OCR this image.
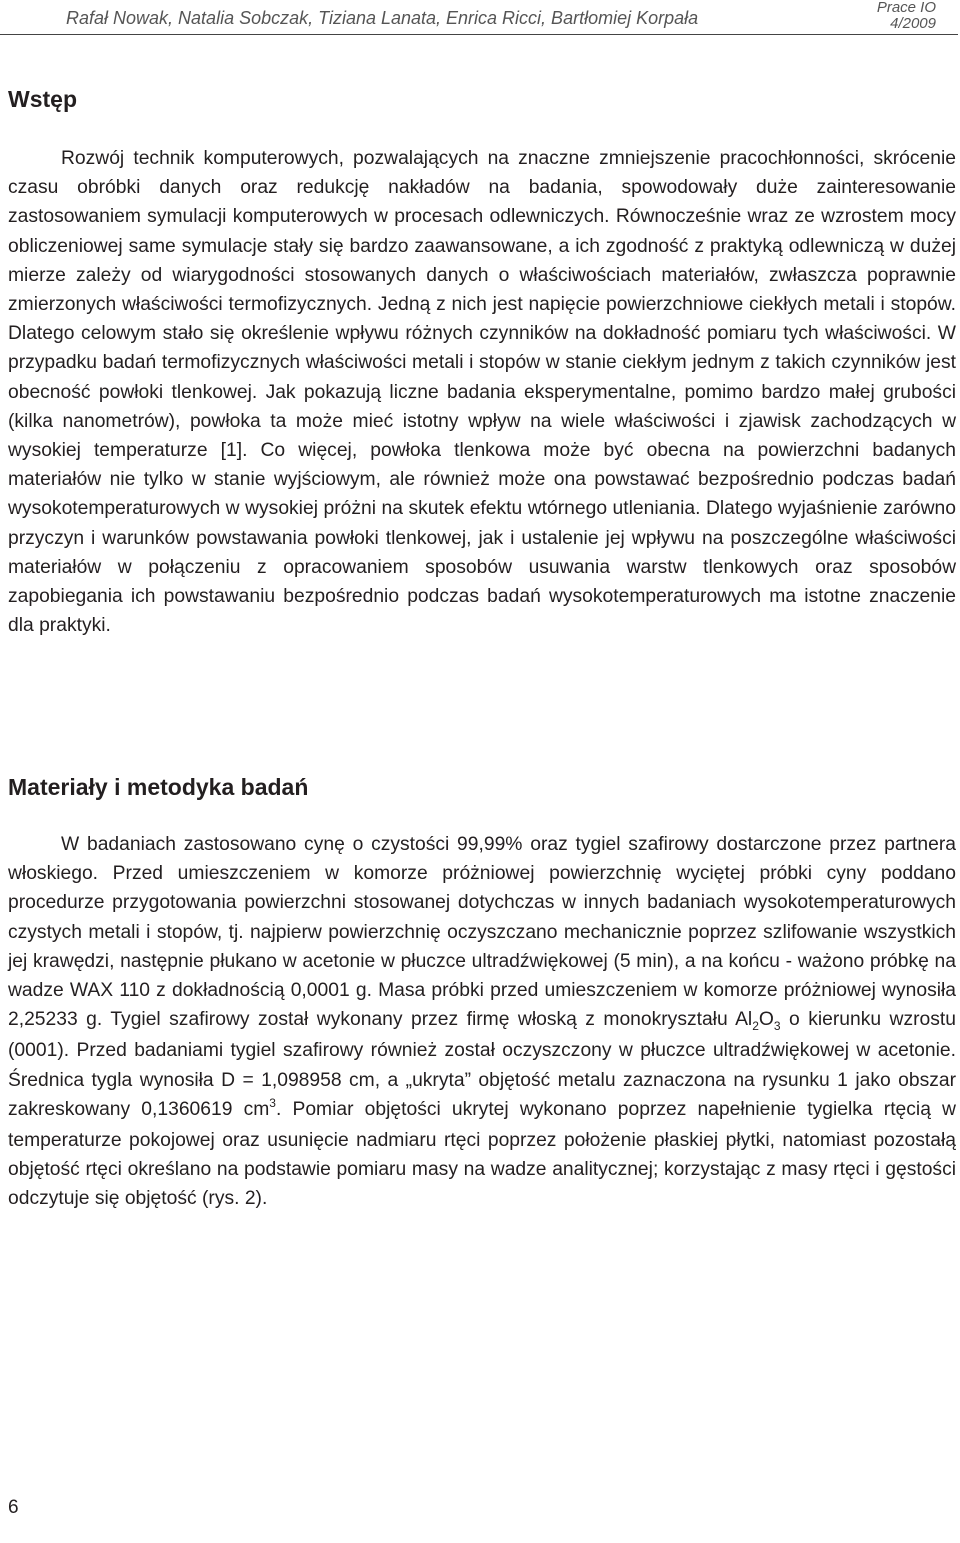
Rafał Nowak, Natalia Sobczak, Tiziana Lanata, Enrica Ricci, Bartłomiej Korpała
Prace IO
4/2009
Wstęp

Rozwój technik komputerowych, pozwalających na znaczne zmniejszenie pracochłonności, skrócenie czasu obróbki danych oraz redukcję nakładów na badania, spowodowały duże zainteresowanie zastosowaniem symulacji komputerowych w procesach odlewniczych. Równocześnie wraz ze wzrostem mocy obliczeniowej same symulacje stały się bardzo zaawansowane, a ich zgodność z praktyką odlewniczą w dużej mierze zależy od wiarygodności stosowanych danych o właściwościach materiałów, zwłaszcza poprawnie zmierzonych właściwości termofizycznych. Jedną z nich jest napięcie powierzchniowe ciekłych metali i stopów. Dlatego celowym stało się określenie wpływu różnych czynników na dokładność pomiaru tych właściwości. W przypadku badań termofizycznych właściwości metali i stopów w stanie ciekłym jednym z takich czynników jest obecność powłoki tlenkowej. Jak pokazują liczne badania eksperymentalne, pomimo bardzo małej grubości (kilka nanometrów), powłoka ta może mieć istotny wpływ na wiele właściwości i zjawisk zachodzących w wysokiej temperaturze [1]. Co więcej, powłoka tlenkowa może być obecna na powierzchni badanych materiałów nie tylko w stanie wyjściowym, ale również może ona powstawać bezpośrednio podczas badań wysokotemperaturowych w wysokiej próżni na skutek efektu wtórnego utleniania. Dlatego wyjaśnienie zarówno przyczyn i warunków powstawania powłoki tlenkowej, jak i ustalenie jej wpływu na poszczególne właściwości materiałów w połączeniu z opracowaniem sposobów usuwania warstw tlenkowych oraz sposobów zapobiegania ich powstawaniu bezpośrednio podczas badań wysokotemperaturowych ma istotne znaczenie dla praktyki.

Materiały i metodyka badań

W badaniach zastosowano cynę o czystości 99,99% oraz tygiel szafirowy dostarczone przez partnera włoskiego. Przed umieszczeniem w komorze próżniowej powierzchnię wyciętej próbki cyny poddano procedurze przygotowania powierzchni stosowanej dotychczas w innych badaniach wysokotemperaturowych czystych metali i stopów, tj. najpierw powierzchnię oczyszczano mechanicznie poprzez szlifowanie wszystkich jej krawędzi, następnie płukano w acetonie w płuczce ultradźwiękowej (5 min), a na końcu - ważono próbkę na wadze WAX 110 z dokładnością 0,0001 g. Masa próbki przed umieszczeniem w komorze próżniowej wynosiła 2,25233 g. Tygiel szafirowy został wykonany przez firmę włoską z monokryształu $Al_2O_3$ o kierunku wzrostu (0001). Przed badaniami tygiel szafirowy również został oczyszczony w płuczce ultradźwiękowej w acetonie. Średnica tygla wynosiła D = 1,098958 cm, a „ukryta” objętość metalu zaznaczona na rysunku 1 jako obszar zakreskowany 0,1360619 $cm^3$. Pomiar objętości ukrytej wykonano poprzez napełnienie tygielka rtęcią w temperaturze pokojowej oraz usunięcie nadmiaru rtęci poprzez położenie płaskiej płytki, natomiast pozostałą objętość rtęci określano na podstawie pomiaru masy na wadze analitycznej; korzystając z masy rtęci i gęstości odczytuje się objętość (rys. 2).

6
